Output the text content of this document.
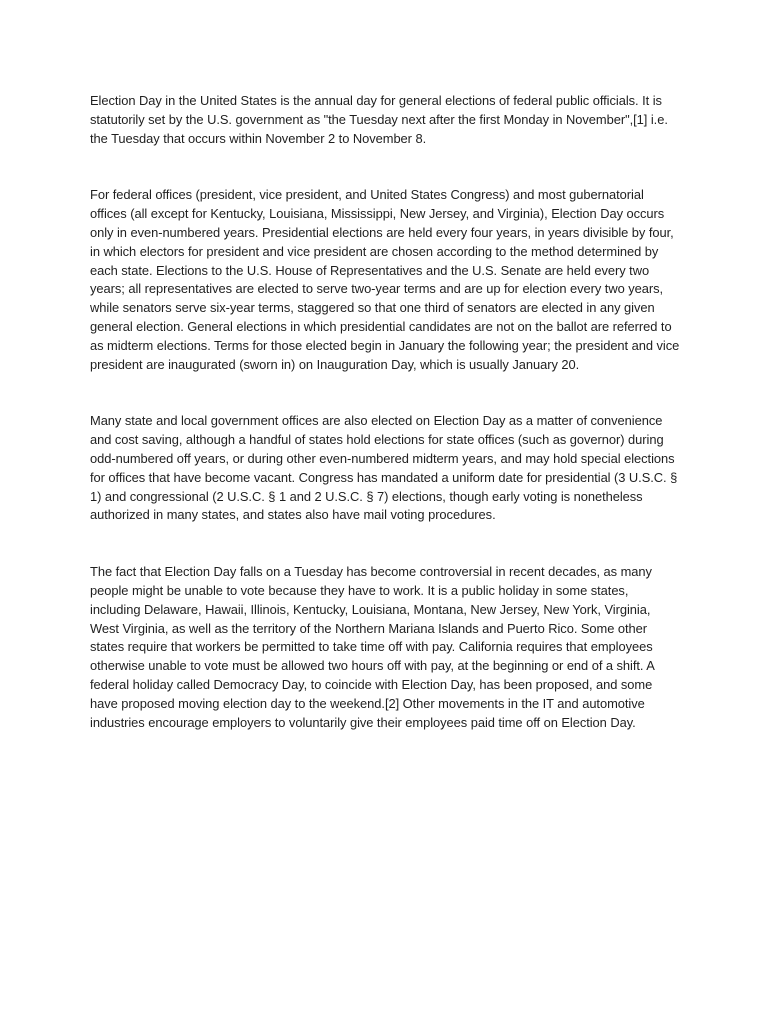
Election Day in the United States is the annual day for general elections of federal public officials. It is statutorily set by the U.S. government as "the Tuesday next after the first Monday in November",[1] i.e. the Tuesday that occurs within November 2 to November 8.

For federal offices (president, vice president, and United States Congress) and most gubernatorial offices (all except for Kentucky, Louisiana, Mississippi, New Jersey, and Virginia), Election Day occurs only in even-numbered years. Presidential elections are held every four years, in years divisible by four, in which electors for president and vice president are chosen according to the method determined by each state. Elections to the U.S. House of Representatives and the U.S. Senate are held every two years; all representatives are elected to serve two-year terms and are up for election every two years, while senators serve six-year terms, staggered so that one third of senators are elected in any given general election. General elections in which presidential candidates are not on the ballot are referred to as midterm elections. Terms for those elected begin in January the following year; the president and vice president are inaugurated (sworn in) on Inauguration Day, which is usually January 20.

Many state and local government offices are also elected on Election Day as a matter of convenience and cost saving, although a handful of states hold elections for state offices (such as governor) during odd-numbered off years, or during other even-numbered midterm years, and may hold special elections for offices that have become vacant. Congress has mandated a uniform date for presidential (3 U.S.C. § 1) and congressional (2 U.S.C. § 1 and 2 U.S.C. § 7) elections, though early voting is nonetheless authorized in many states, and states also have mail voting procedures.

The fact that Election Day falls on a Tuesday has become controversial in recent decades, as many people might be unable to vote because they have to work. It is a public holiday in some states, including Delaware, Hawaii, Illinois, Kentucky, Louisiana, Montana, New Jersey, New York, Virginia, West Virginia, as well as the territory of the Northern Mariana Islands and Puerto Rico. Some other states require that workers be permitted to take time off with pay. California requires that employees otherwise unable to vote must be allowed two hours off with pay, at the beginning or end of a shift. A federal holiday called Democracy Day, to coincide with Election Day, has been proposed, and some have proposed moving election day to the weekend.[2] Other movements in the IT and automotive industries encourage employers to voluntarily give their employees paid time off on Election Day.
